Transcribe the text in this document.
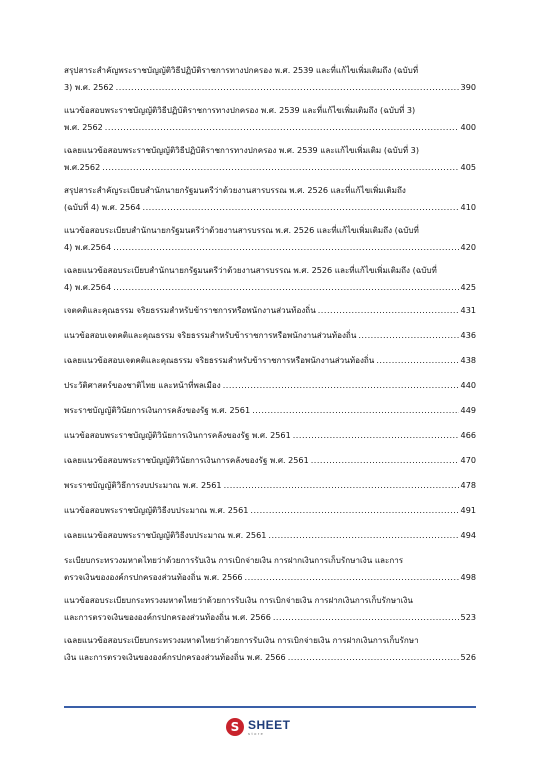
สรุปสาระสำคัญพระราชบัญญัติวิธีปฏิบัติราชการทางปกครอง พ.ศ. 2539 และที่แก้ไขเพิ่มเติมถึง (ฉบับที่
3) พ.ศ. 2562 .....	390
แนวข้อสอบพระราชบัญญัติวิธีปฏิบัติราชการทางปกครอง พ.ศ. 2539 และที่แก้ไขเพิ่มเติมถึง (ฉบับที่ 3)
พ.ศ. 2562 .....	400
เฉลยแนวข้อสอบพระราชบัญญัติวิธีปฏิบัติราชการทางปกครอง พ.ศ. 2539 และแก้ไขเพิ่มเติม (ฉบับที่ 3)
พ.ศ.2562 .....	405
สรุปสาระสำคัญระเบียบสำนักนายกรัฐมนตรีว่าด้วยงานสารบรรณ พ.ศ. 2526 และที่แก้ไขเพิ่มเติมถึง
(ฉบับที่ 4) พ.ศ. 2564 .....	410
แนวข้อสอบระเบียบสำนักนายกรัฐมนตรีว่าด้วยงานสารบรรณ พ.ศ. 2526 และที่แก้ไขเพิ่มเติมถึง (ฉบับที่
4) พ.ศ.2564 .....	420
เฉลยแนวข้อสอบระเบียบสำนักนายกรัฐมนตรีว่าด้วยงานสารบรรณ พ.ศ. 2526 และที่แก้ไขเพิ่มเติมถึง (ฉบับที่
4) พ.ศ.2564 .....	425
เจตคติและคุณธรรม จริยธรรมสำหรับข้าราชการหรือพนักงานส่วนท้องถิ่น .....	431
แนวข้อสอบเจตคติและคุณธรรม จริยธรรมสำหรับข้าราชการหรือพนักงานส่วนท้องถิ่น .....	436
เฉลยแนวข้อสอบเจตคติและคุณธรรม จริยธรรมสำหรับข้าราชการหรือพนักงานส่วนท้องถิ่น .....	438
ประวัติศาสตร์ของชาติไทย และหน้าที่พลเมือง .....	440
พระราชบัญญัติวินัยการเงินการคลังของรัฐ พ.ศ. 2561 .....	449
แนวข้อสอบพระราชบัญญัติวินัยการเงินการคลังของรัฐ พ.ศ. 2561 .....	466
เฉลยแนวข้อสอบพระราชบัญญัติวินัยการเงินการคลังของรัฐ พ.ศ. 2561 .....	470
พระราชบัญญัติวิธีการงบประมาณ พ.ศ. 2561 .....	478
แนวข้อสอบพระราชบัญญัติวิธีงบประมาณ พ.ศ. 2561 .....	491
เฉลยแนวข้อสอบพระราชบัญญัติวิธีงบประมาณ พ.ศ. 2561 .....	494
ระเบียบกระทรวงมหาดไทยว่าด้วยการรับเงิน การเบิกจ่ายเงิน การฝากเงินการเก็บรักษาเงิน และการ
ตรวจเงินขององค์กรปกครองส่วนท้องถิ่น พ.ศ. 2566 .....	498
แนวข้อสอบระเบียบกระทรวงมหาดไทยว่าด้วยการรับเงิน การเบิกจ่ายเงิน การฝากเงินการเก็บรักษาเงิน
และการตรวจเงินขององค์กรปกครองส่วนท้องถิ่น พ.ศ. 2566 .....	523
เฉลยแนวข้อสอบระเบียบกระทรวงมหาดไทยว่าด้วยการรับเงิน การเบิกจ่ายเงิน การฝากเงินการเก็บรักษา
เงิน และการตรวจเงินขององค์กรปกครองส่วนท้องถิ่น พ.ศ. 2566 .....	526
S SHEET
store
